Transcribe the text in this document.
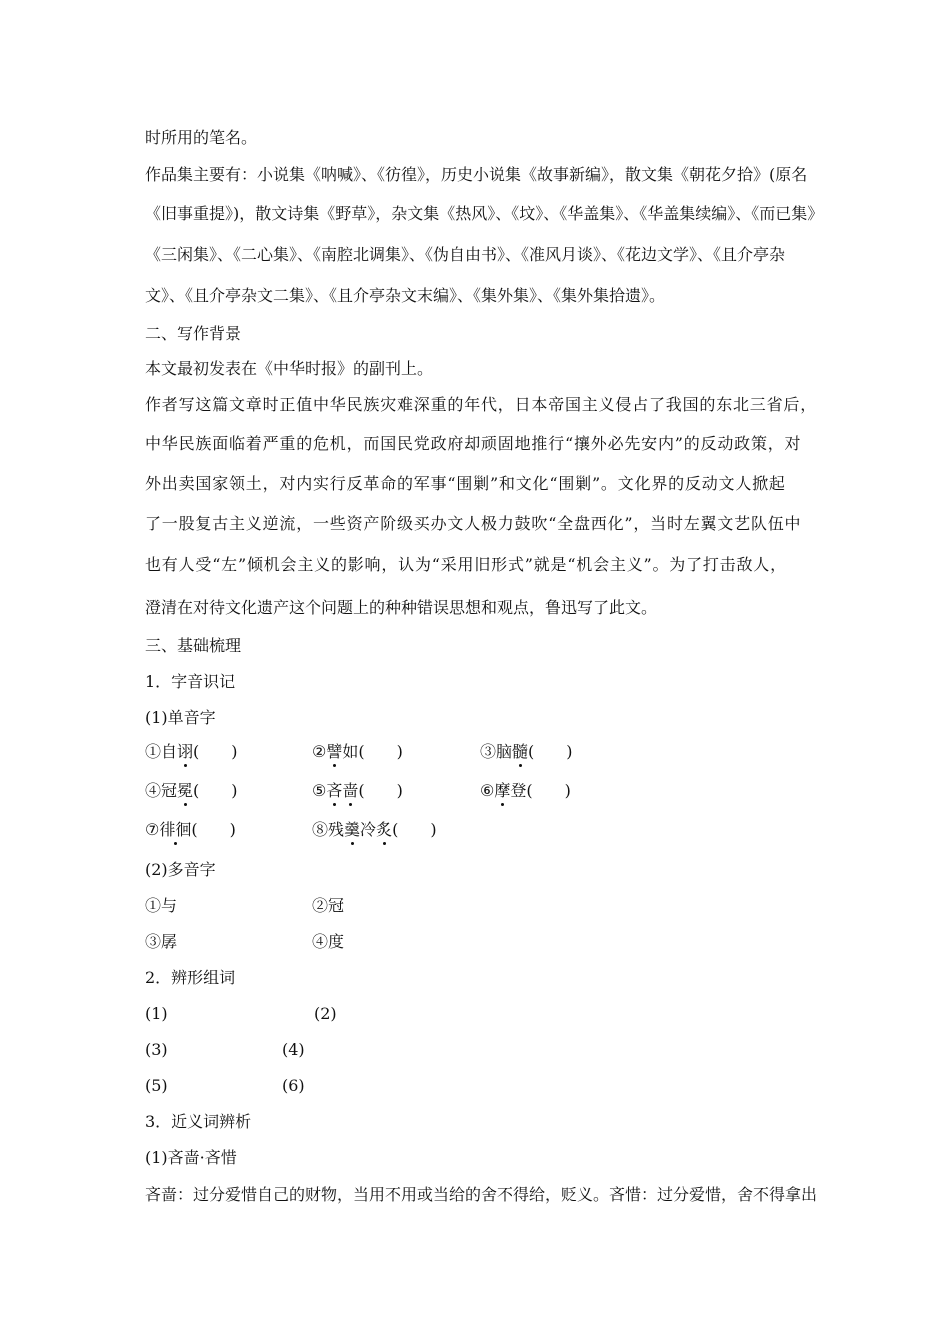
时所用的笔名。
作品集主要有：小说集《呐喊》、《彷徨》，历史小说集《故事新编》，散文集《朝花夕拾》(原名
《旧事重提》)，散文诗集《野草》，杂文集《热风》、《坟》、《华盖集》、《华盖集续编》、《而已集》
《三闲集》、《二心集》、《南腔北调集》、《伪自由书》、《准风月谈》、《花边文学》、《且介亭杂
文》、《且介亭杂文二集》、《且介亭杂文末编》、《集外集》、《集外集拾遗》。
二、写作背景
本文最初发表在《中华时报》的副刊上。
作者写这篇文章时正值中华民族灾难深重的年代，日本帝国主义侵占了我国的东北三省后，
中华民族面临着严重的危机，而国民党政府却顽固地推行“攘外必先安内”的反动政策，对
外出卖国家领土，对内实行反革命的军事“围剿”和文化“围剿”。文化界的反动文人掀起
了一股复古主义逆流，一些资产阶级买办文人极力鼓吹“全盘西化”，当时左翼文艺队伍中
也有人受“左”倾机会主义的影响，认为“采用旧形式”就是“机会主义”。为了打击敌人，
澄清在对待文化遗产这个问题上的种种错误思想和观点，鲁迅写了此文。
三、基础梳理
1．字音识记
(1)单音字
①自诩(　　)	②譬如(　　)	③脑髓(　　)
④冠冕(　　)	⑤吝啬(　　)	⑥摩登(　　)
⑦徘徊(　　)	⑧残羹冷炙(　　)
(2)多音字
①与	②冠
③孱	④度
2．辨形组词
(1)	(2)
(3)	(4)
(5)	(6)
3．近义词辨析
(1)吝啬·吝惜
吝啬：过分爱惜自己的财物，当用不用或当给的舍不得给，贬义。吝惜：过分爱惜，舍不得拿出
